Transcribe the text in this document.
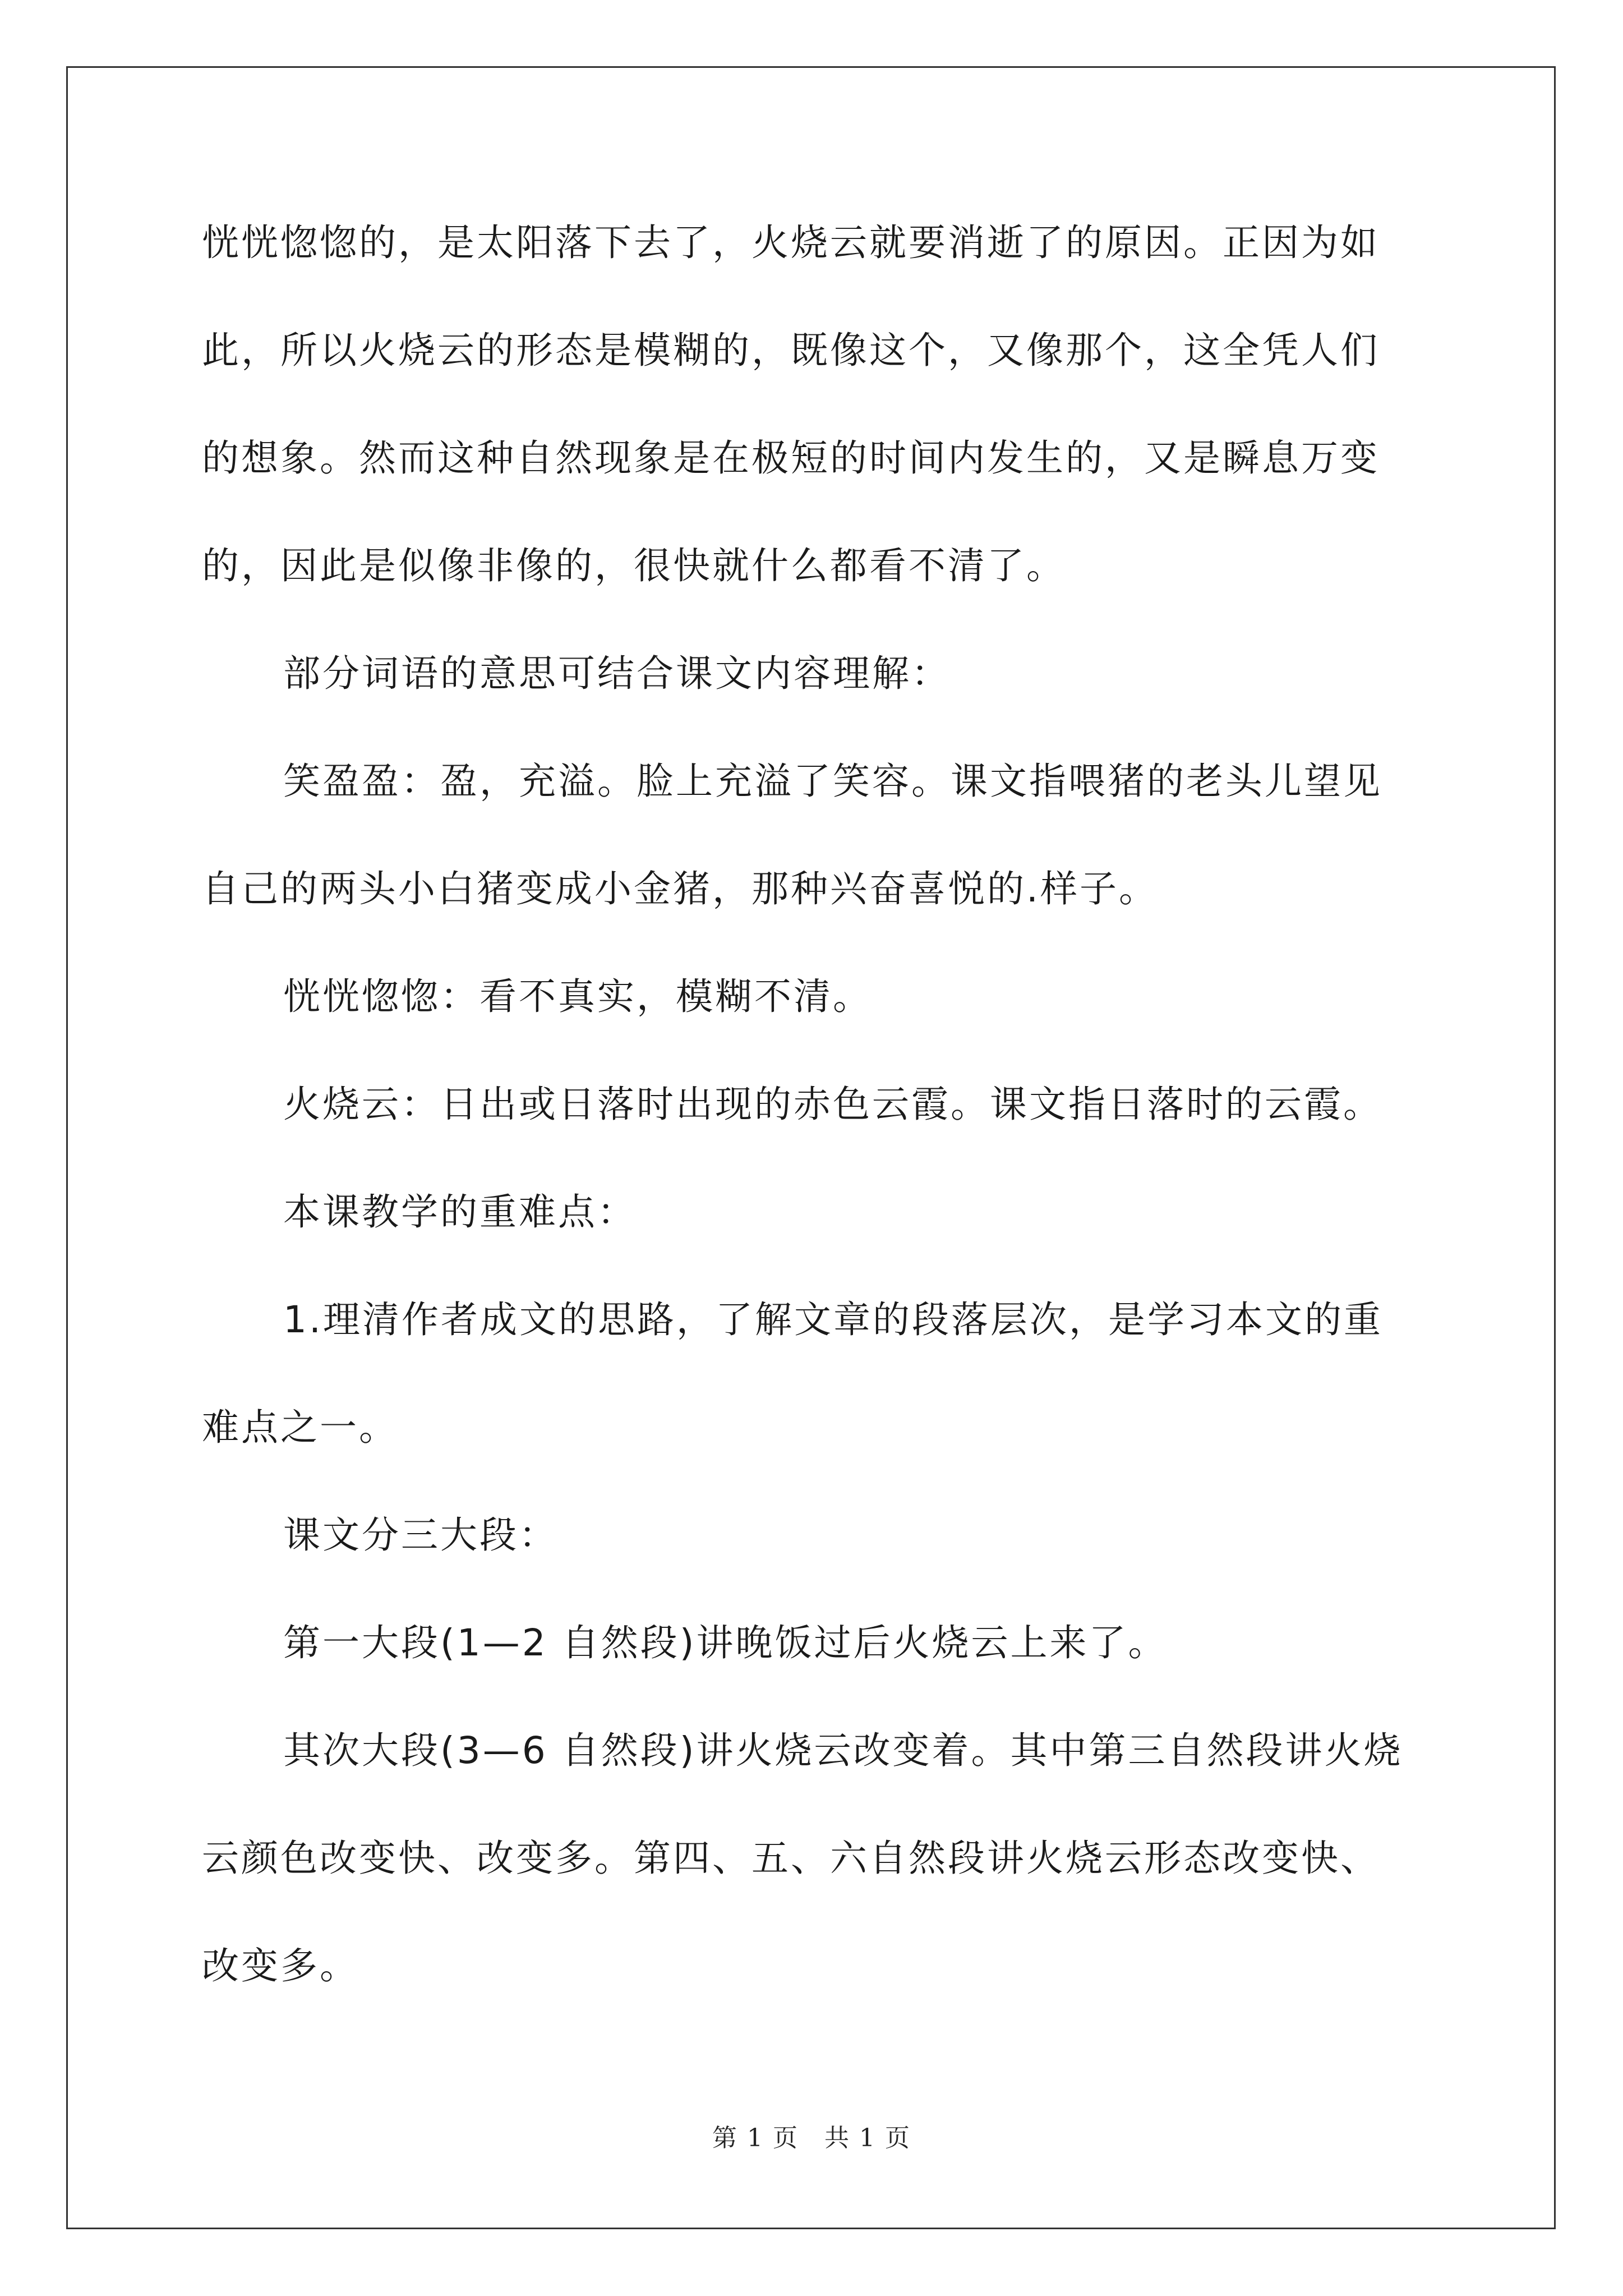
恍恍惚惚的，是太阳落下去了，火烧云就要消逝了的原因。正因为如
此，所以火烧云的形态是模糊的，既像这个，又像那个，这全凭人们
的想象。然而这种自然现象是在极短的时间内发生的，又是瞬息万变
的，因此是似像非像的，很快就什么都看不清了。
部分词语的意思可结合课文内容理解：
笑盈盈：盈，充溢。脸上充溢了笑容。课文指喂猪的老头儿望见
自己的两头小白猪变成小金猪，那种兴奋喜悦的.样子。
恍恍惚惚：看不真实，模糊不清。
火烧云：日出或日落时出现的赤色云霞。课文指日落时的云霞。
本课教学的重难点：
1.理清作者成文的思路，了解文章的段落层次，是学习本文的重
难点之一。
课文分三大段：
第一大段(1—2 自然段)讲晚饭过后火烧云上来了。
其次大段(3—6 自然段)讲火烧云改变着。其中第三自然段讲火烧
云颜色改变快、改变多。第四、五、六自然段讲火烧云形态改变快、
改变多。
第 1 页　共 1 页
